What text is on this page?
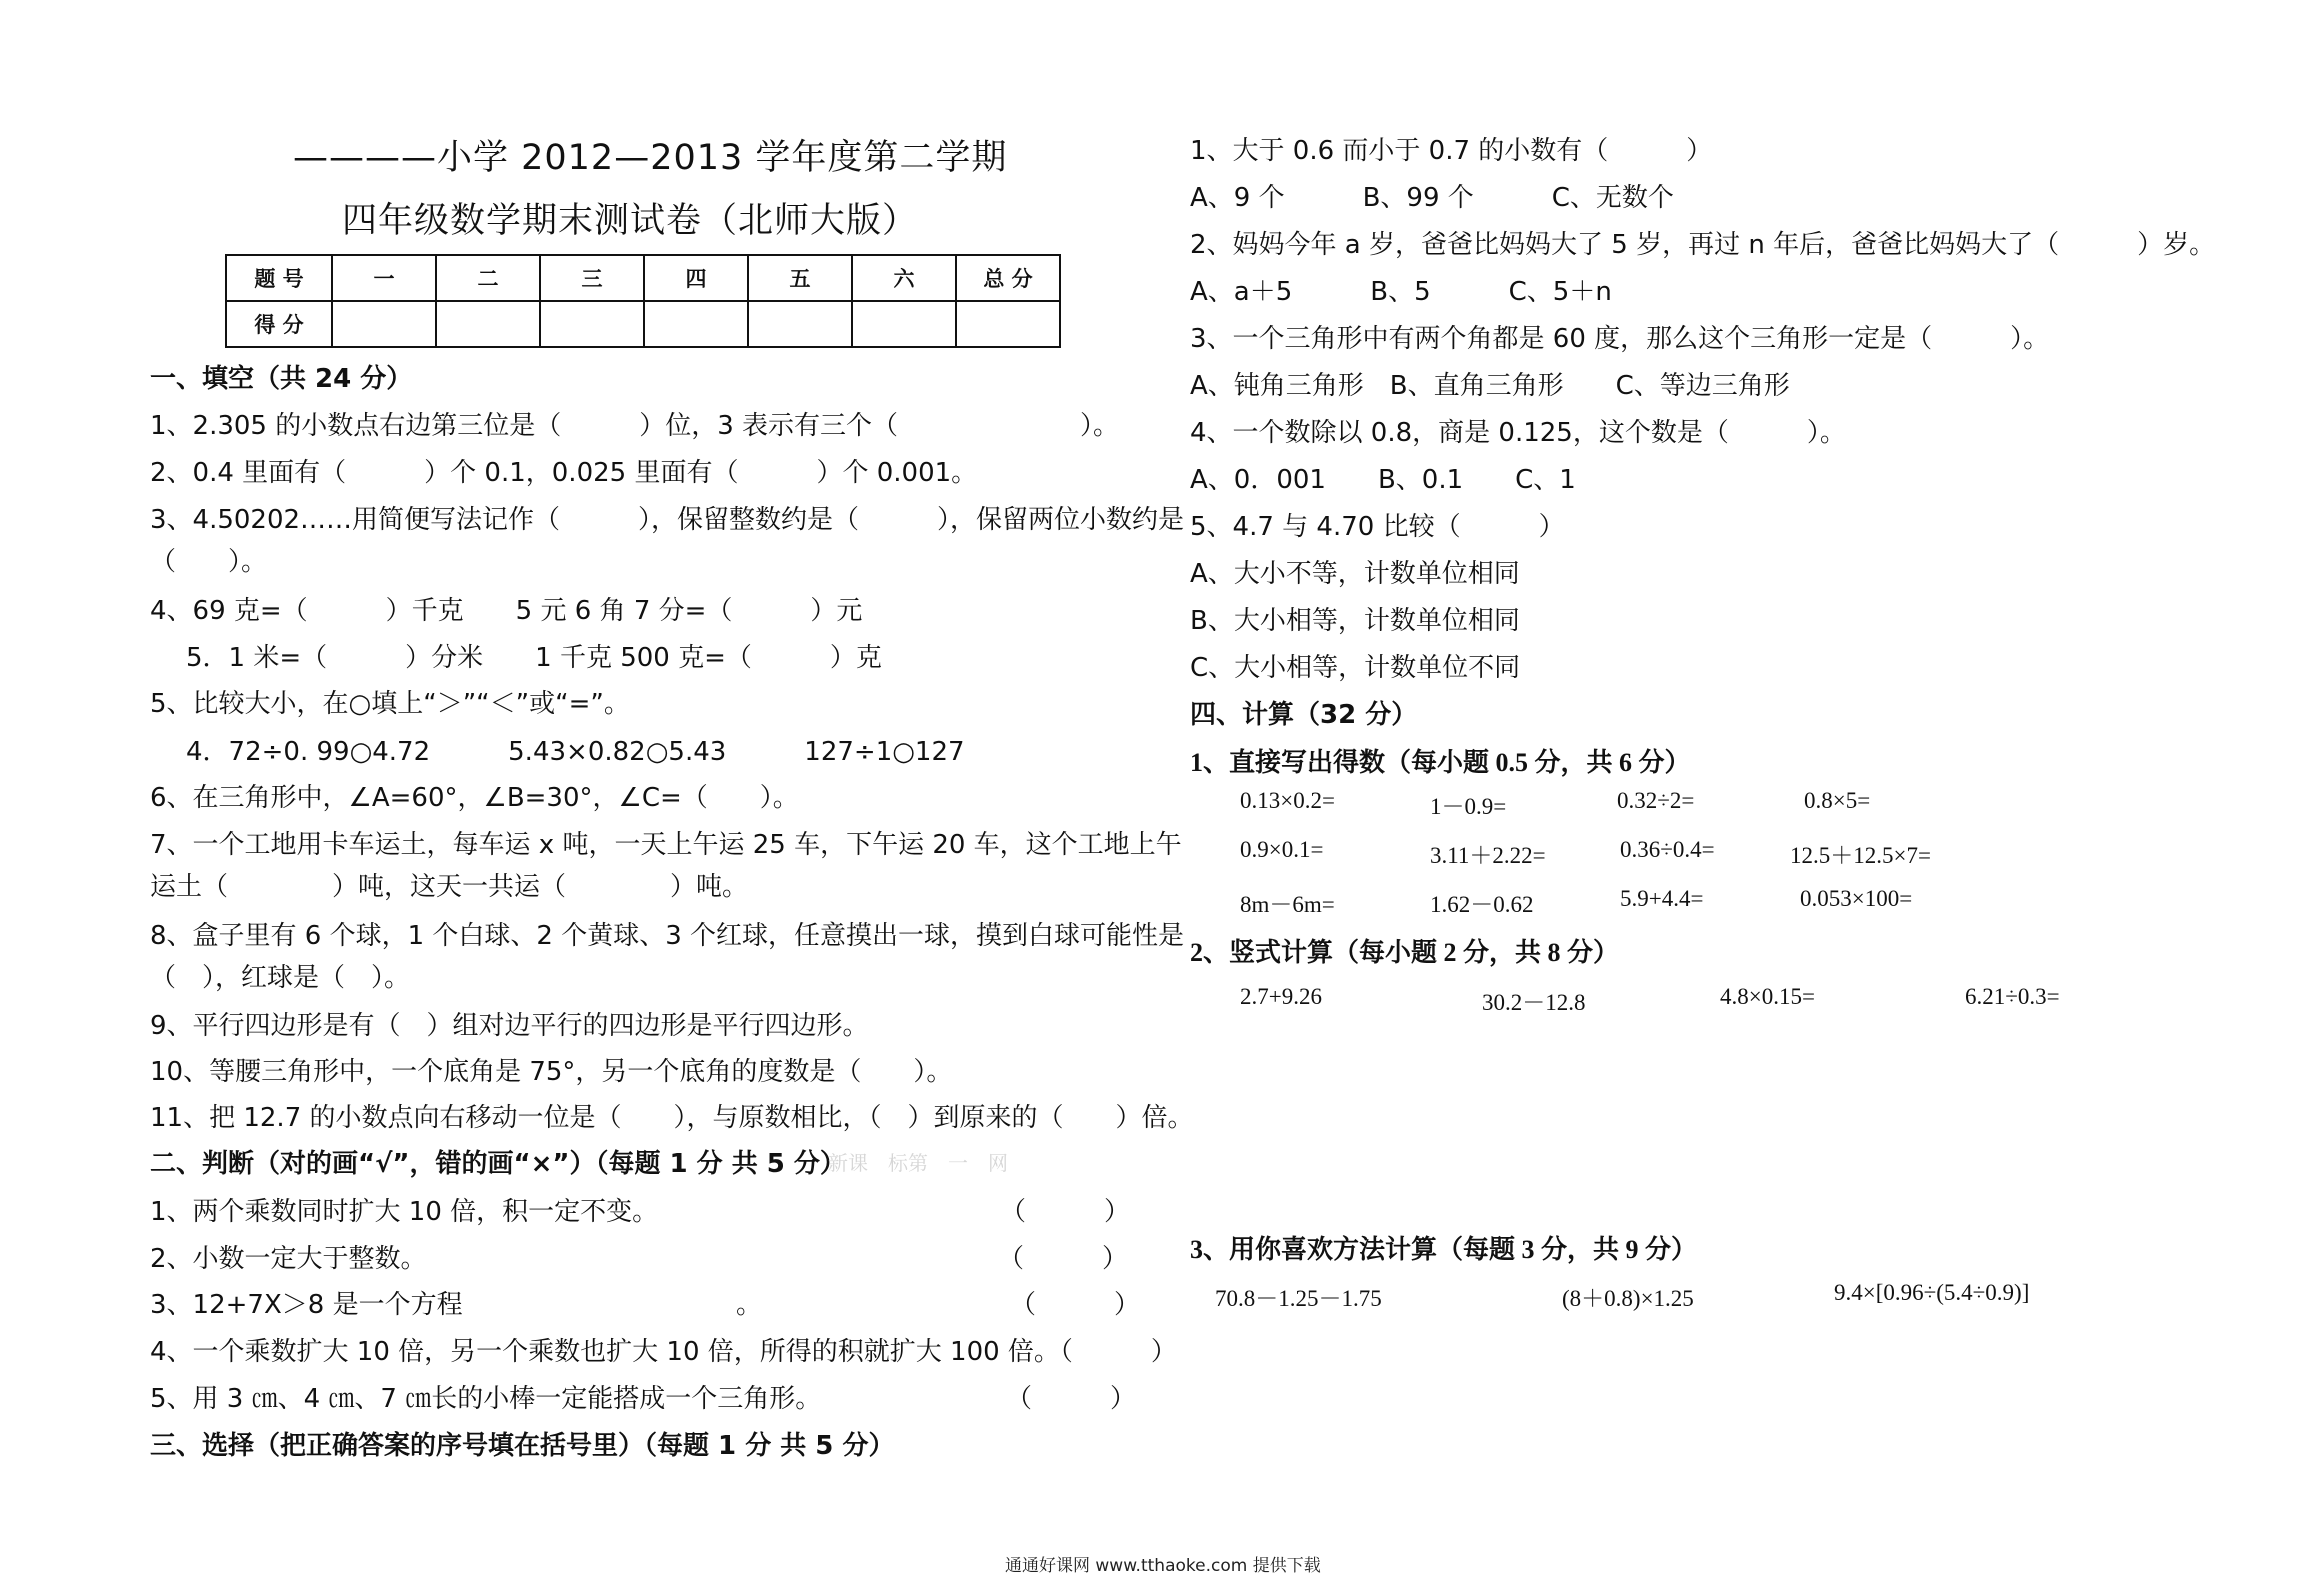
————小学 2012—2013 学年度第二学期
四年级数学期末测试卷（北师大版）
题 号	一	二	三	四	五	六	总 分
得 分							
一、填空（共 24 分）
1、2.305 的小数点右边第三位是（　　　）位，3 表示有三个（　　　　　　　）。
2、0.4 里面有（　　　）个 0.1，0.025 里面有（　　　）个 0.001。
3、4.50202……用简便写法记作（　　　），保留整数约是（　　　），保留两位小数约是
（　　）。
4、69 克=（　　　）千克　　5 元 6 角 7 分=（　　　）元
5．1 米=（　　　）分米　　1 千克 500 克=（　　　）克
5、比较大小，在○填上“＞”“＜”或“=”。
4．72÷0. 99○4.72　　　5.43×0.82○5.43　　　127÷1○127
6、在三角形中，∠A=60°，∠B=30°，∠C=（　　）。
7、一个工地用卡车运土，每车运 x 吨，一天上午运 25 车，下午运 20 车，这个工地上午
运土（　　　　）吨，这天一共运（　　　　）吨。
8、盒子里有 6 个球，1 个白球、2 个黄球、3 个红球，任意摸出一球，摸到白球可能性是
（　），红球是（　）。
9、平行四边形是有（　）组对边平行的四边形是平行四边形。
10、等腰三角形中，一个底角是 75°，另一个底角的度数是（　　）。
11、把 12.7 的小数点向右移动一位是（　　），与原数相比，（　）到原来的（　　）倍。
二、判断（对的画“√”，错的画“×”）（每题 1 分 共 5 分）
新课　标第　一　网
1、两个乘数同时扩大 10 倍，积一定不变。	（　　　）
2、小数一定大于整数。	（　　　）
3、12+7X＞8 是一个方程	。	（　　　）
4、一个乘数扩大 10 倍，另一个乘数也扩大 10 倍，所得的积就扩大 100 倍。（　　　）
5、用 3 ㎝、4 ㎝、7 ㎝长的小棒一定能搭成一个三角形。	（　　　）
三、选择（把正确答案的序号填在括号里）（每题 1 分 共 5 分）
1、大于 0.6 而小于 0.7 的小数有（　　　）
A、9 个　　　B、99 个　　　C、无数个
2、妈妈今年 a 岁，爸爸比妈妈大了 5 岁，再过 n 年后，爸爸比妈妈大了（　　　）岁。
A、a＋5　　　B、5　　　C、5＋n
3、一个三角形中有两个角都是 60 度，那么这个三角形一定是（　　　）。
A、钝角三角形　B、直角三角形　　C、等边三角形
4、一个数除以 0.8，商是 0.125，这个数是（　　　）。
A、0．001　　B、0.1　　C、1
5、4.7 与 4.70 比较（　　　）
A、大小不等，计数单位相同
B、大小相等，计数单位相同
C、大小相等，计数单位不同
四、计算（32 分）
1、直接写出得数（每小题 0.5 分，共 6 分）
0.13×0.2=	1－0.9=	0.32÷2=	0.8×5=
0.9×0.1=	3.11＋2.22=	0.36÷0.4=	12.5＋12.5×7=
8m－6m=	1.62－0.62	5.9+4.4=	0.053×100=
2、竖式计算（每小题 2 分，共 8 分）
2.7+9.26	30.2－12.8	4.8×0.15=	6.21÷0.3=
3、用你喜欢方法计算（每题 3 分，共 9 分）
70.8－1.25－1.75	(8＋0.8)×1.25	9.4×[0.96÷(5.4÷0.9)]
通通好课网 www.tthaoke.com 提供下载
